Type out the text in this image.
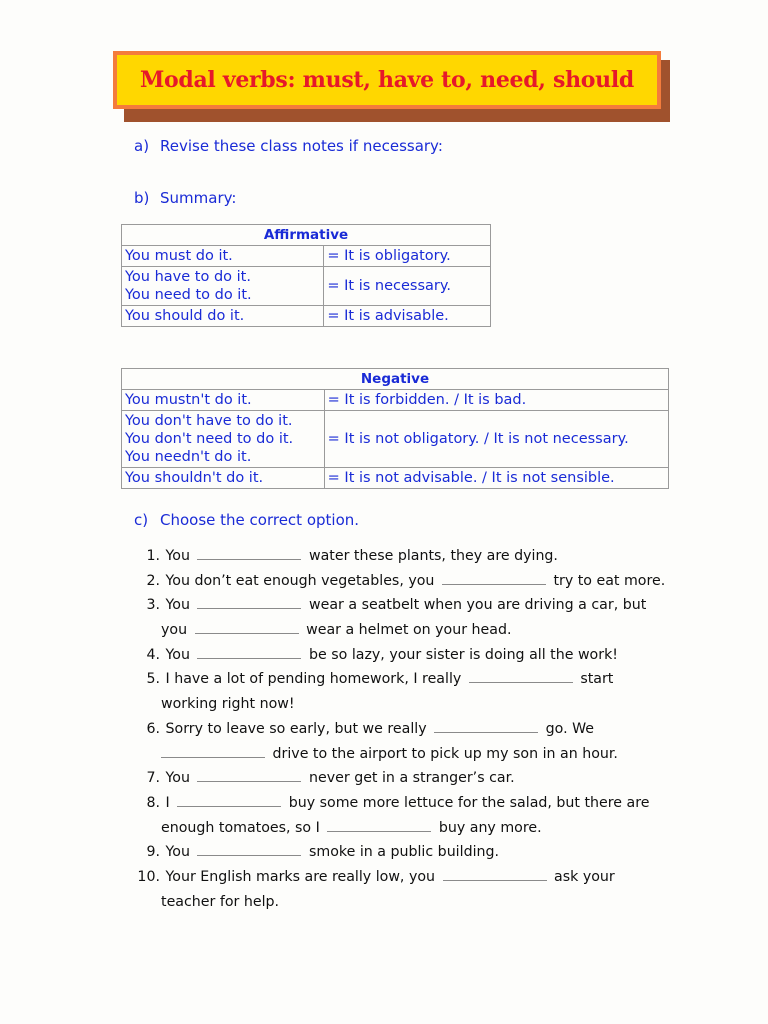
Modal verbs: must, have to, need, should
a) Revise these class notes if necessary:
b) Summary:
Affirmative	
You must do it.	= It is obligatory.

You have to do it.
You need to do it.	= It is necessary.
You should do it.	= It is advisable.
Negative	
You mustn't do it.	= It is forbidden. / It is bad.

You don't have to do it.
You don't need to do it.
You needn't do it.	= It is not obligatory. / It is not necessary.
You shouldn't do it.	= It is not advisable. / It is not sensible.
c) Choose the correct option.
1. You	water these plants, they are dying.
2. You don’t eat enough vegetables, you	try to eat more.
3. You	wear a seatbelt when you are driving a car, but
you	wear a helmet on your head.
4. You	be so lazy, your sister is doing all the work!
5. I have a lot of pending homework, I really	start
working right now!
6. Sorry to leave so early, but we really	go. We
drive to the airport to pick up my son in an hour.
7. You	never get in a stranger’s car.
8. I	buy some more lettuce for the salad, but there are
enough tomatoes, so I	buy any more.
9. You	smoke in a public building.
10. Your English marks are really low, you	ask your
teacher for help.
